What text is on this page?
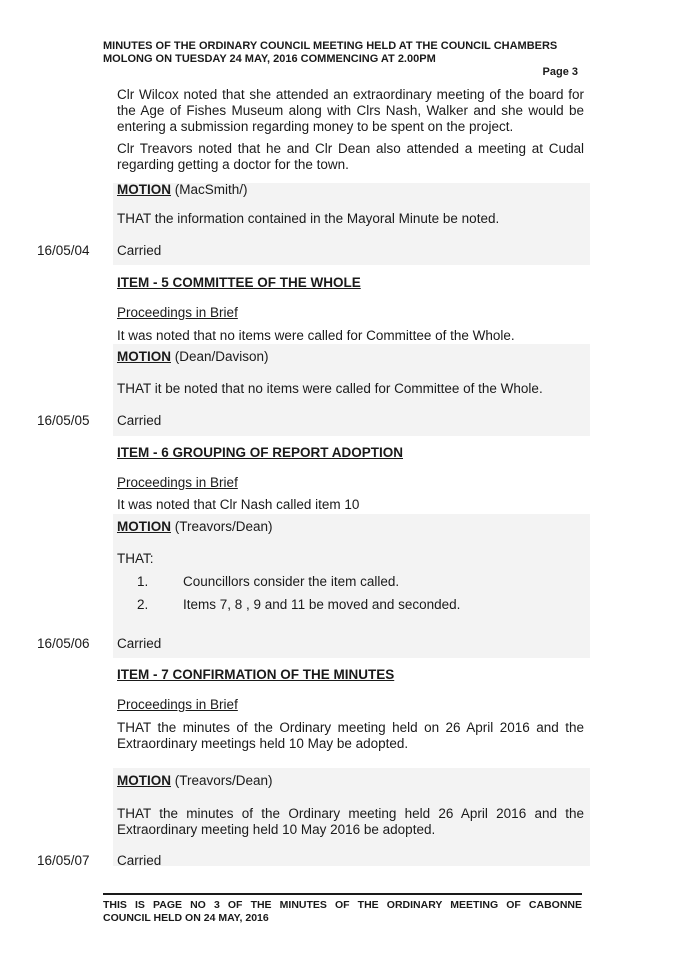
MINUTES OF THE ORDINARY COUNCIL MEETING HELD AT THE COUNCIL CHAMBERS
MOLONG ON TUESDAY 24 MAY, 2016 COMMENCING AT 2.00PM
Page 3
Clr Wilcox noted that she attended an extraordinary meeting of the board for
the Age of Fishes Museum along with Clrs Nash, Walker and she would be
entering a submission regarding money to be spent on the project.
Clr Treavors noted that he and Clr Dean also attended a meeting at Cudal
regarding getting a doctor for the town.
MOTION (MacSmith/)
THAT the information contained in the Mayoral Minute be noted.
16/05/04 Carried
ITEM - 5 COMMITTEE OF THE WHOLE
Proceedings in Brief
It was noted that no items were called for Committee of the Whole.
MOTION (Dean/Davison)
THAT it be noted that no items were called for Committee of the Whole.
16/05/05 Carried
ITEM - 6 GROUPING OF REPORT ADOPTION
Proceedings in Brief
It was noted that Clr Nash called item 10
MOTION (Treavors/Dean)
THAT:
1.	Councillors consider the item called.
2.	Items 7, 8 , 9 and 11 be moved and seconded.
16/05/06 Carried
ITEM - 7 CONFIRMATION OF THE MINUTES
Proceedings in Brief
THAT the minutes of the Ordinary meeting held on 26 April 2016 and the
Extraordinary meetings held 10 May be adopted.
MOTION (Treavors/Dean)
THAT the minutes of the Ordinary meeting held 26 April 2016 and the
Extraordinary meeting held 10 May 2016 be adopted.
16/05/07 Carried
THIS IS PAGE NO 3 OF THE MINUTES OF THE ORDINARY MEETING OF CABONNE
COUNCIL HELD ON 24 MAY, 2016
